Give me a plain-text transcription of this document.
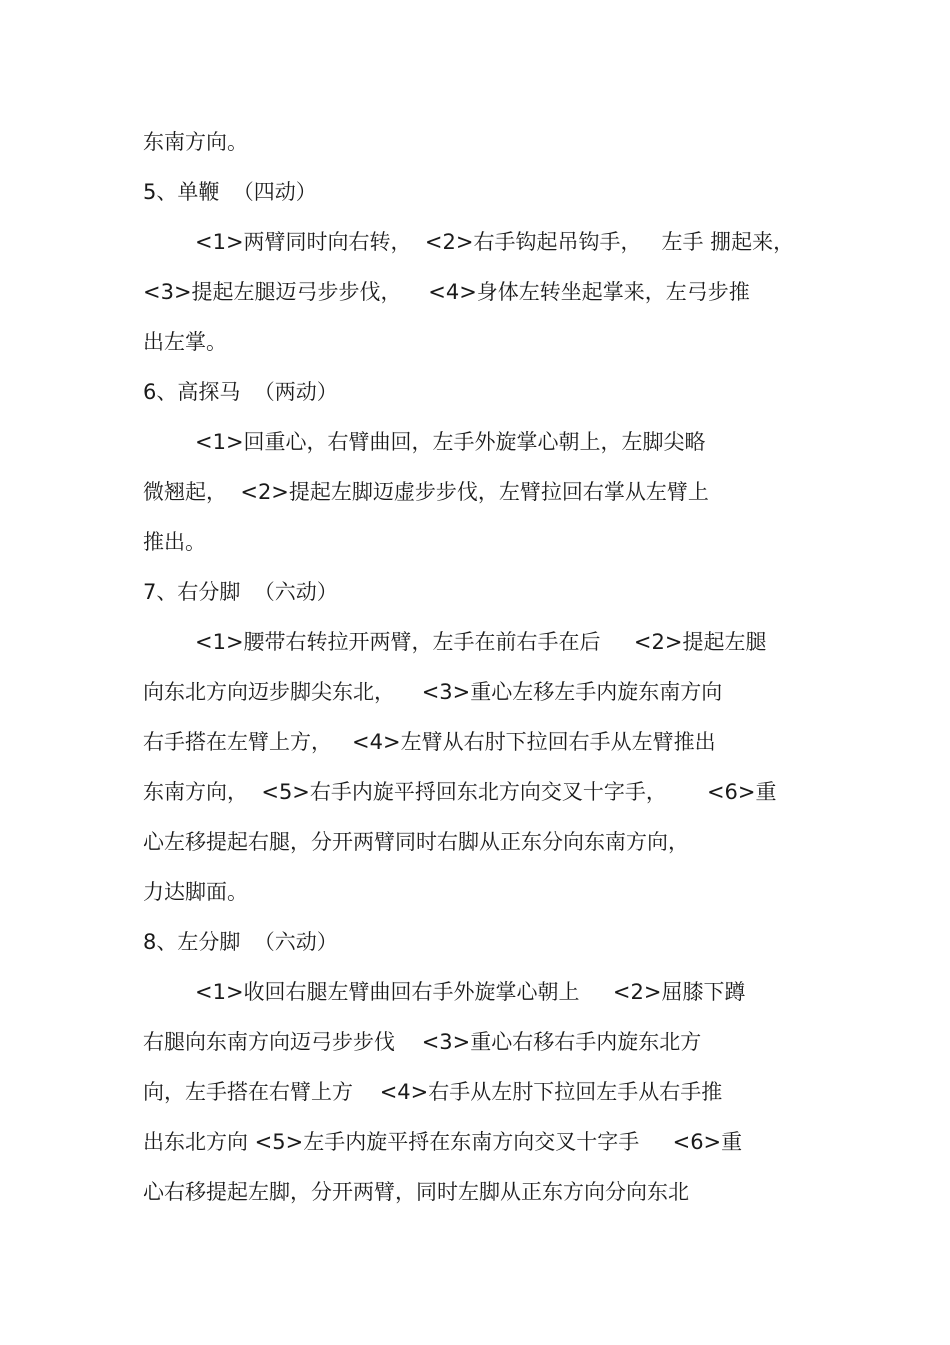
东南方向。
5、单鞭  （四动）
<1>两臂同时向右转，  <2>右手钩起吊钩手，   左手 掤起来，
<3>提起左腿迈弓步步伐，    <4>身体左转坐起掌来，左弓步推
出左掌。
6、高探马  （两动）
<1>回重心，右臂曲回，左手外旋掌心朝上，左脚尖略
微翘起，  <2>提起左脚迈虚步步伐，左臂拉回右掌从左臂上
推出。
7、右分脚  （六动）
<1>腰带右转拉开两臂，左手在前右手在后     <2>提起左腿
向东北方向迈步脚尖东北，    <3>重心左移左手内旋东南方向
右手搭在左臂上方，   <4>左臂从右肘下拉回右手从左臂推出
东南方向，  <5>右手内旋平捋回东北方向交叉十字手，      <6>重
心左移提起右腿，分开两臂同时右脚从正东分向东南方向，
力达脚面。
8、左分脚  （六动）
<1>收回右腿左臂曲回右手外旋掌心朝上     <2>屈膝下蹲
右腿向东南方向迈弓步步伐    <3>重心右移右手内旋东北方
向，左手搭在右臂上方    <4>右手从左肘下拉回左手从右手推
出东北方向 <5>左手内旋平捋在东南方向交叉十字手     <6>重
心右移提起左脚，分开两臂，同时左脚从正东方向分向东北
